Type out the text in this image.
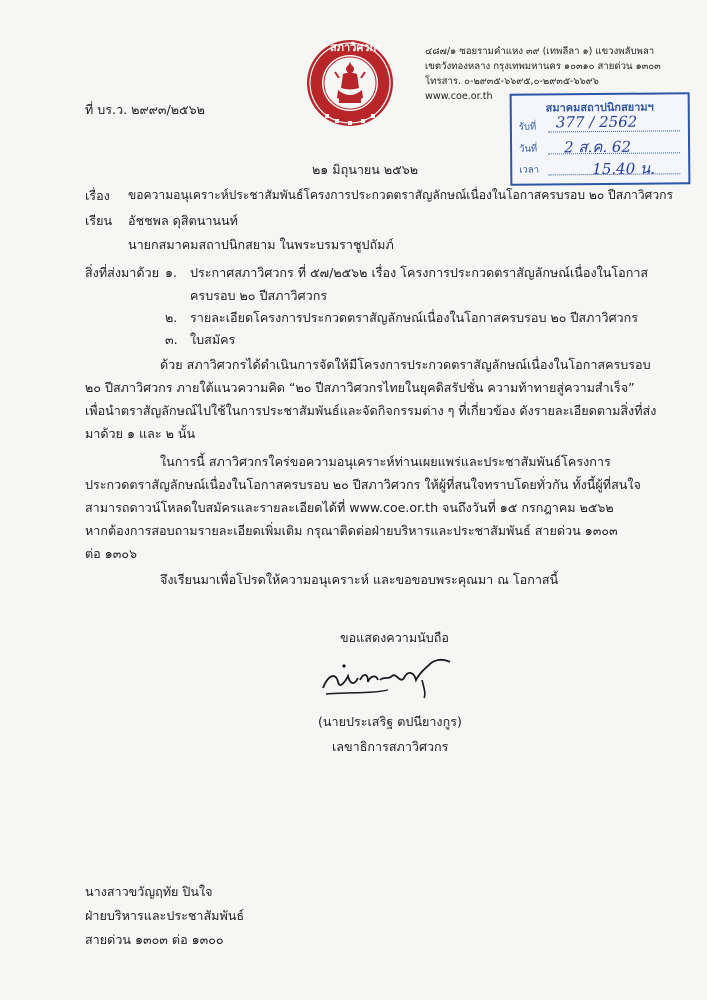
สภาวิศวกร	๔๘๗/๑ ซอยรามคำแหง ๓๙ (เทพลีลา ๑) แขวงพลับพลา
เขตวังทองหลาง กรุงเทพมหานคร ๑๐๓๑๐ สายด่วน ๑๓๐๓
โทรสาร. ๐-๒๙๓๕-๖๖๙๕,๐-๒๙๓๕-๖๖๙๖
www.coe.or.th
สมาคมสถาปนิกสยามฯ
รับที่ 377 / 2562
วันที่ 2 ส.ค. 62
เวลา	15.40 น.
ที่ บร.ว. ๒๙๙๓/๒๕๖๒
๒๑ มิถุนายน ๒๕๖๒
เรื่อง ขอความอนุเคราะห์ประชาสัมพันธ์โครงการประกวดตราสัญลักษณ์เนื่องในโอกาสครบรอบ ๒๐ ปีสภาวิศวกร
เรียน อัชชพล ดุสิตนานนท์
นายกสมาคมสถาปนิกสยาม ในพระบรมราชูปถัมภ์
สิ่งที่ส่งมาด้วย ๑. ประกาศสภาวิศวกร ที่ ๕๗/๒๕๖๒ เรื่อง โครงการประกวดตราสัญลักษณ์เนื่องในโอกาส
ครบรอบ ๒๐ ปีสภาวิศวกร
๒. รายละเอียดโครงการประกวดตราสัญลักษณ์เนื่องในโอกาสครบรอบ ๒๐ ปีสภาวิศวกร
๓. ใบสมัคร
ด้วย สภาวิศวกรได้ดำเนินการจัดให้มีโครงการประกวดตราสัญลักษณ์เนื่องในโอกาสครบรอบ
๒๐ ปีสภาวิศวกร ภายใต้แนวความคิด “๒๐ ปีสภาวิศวกรไทยในยุคดิสรัปชั่น ความท้าทายสู่ความสำเร็จ”
เพื่อนำตราสัญลักษณ์ไปใช้ในการประชาสัมพันธ์และจัดกิจกรรมต่าง ๆ ที่เกี่ยวข้อง ดังรายละเอียดตามสิ่งที่ส่ง
มาด้วย ๑ และ ๒ นั้น
ในการนี้ สภาวิศวกรใคร่ขอความอนุเคราะห์ท่านเผยแพร่และประชาสัมพันธ์โครงการ
ประกวดตราสัญลักษณ์เนื่องในโอกาสครบรอบ ๒๐ ปีสภาวิศวกร ให้ผู้ที่สนใจทราบโดยทั่วกัน ทั้งนี้ผู้ที่สนใจ
สามารถดาวน์โหลดใบสมัครและรายละเอียดได้ที่ www.coe.or.th จนถึงวันที่ ๑๕ กรกฎาคม ๒๕๖๒
หากต้องการสอบถามรายละเอียดเพิ่มเติม กรุณาติดต่อฝ่ายบริหารและประชาสัมพันธ์ สายด่วน ๑๓๐๓
ต่อ ๑๓๐๖
จึงเรียนมาเพื่อโปรดให้ความอนุเคราะห์ และขอขอบพระคุณมา ณ โอกาสนี้
ขอแสดงความนับถือ
(นายประเสริฐ ตปนียางกูร)
เลขาธิการสภาวิศวกร
นางสาวขวัญฤทัย ปินใจ
ฝ่ายบริหารและประชาสัมพันธ์
สายด่วน ๑๓๐๓ ต่อ ๑๓๐๐
